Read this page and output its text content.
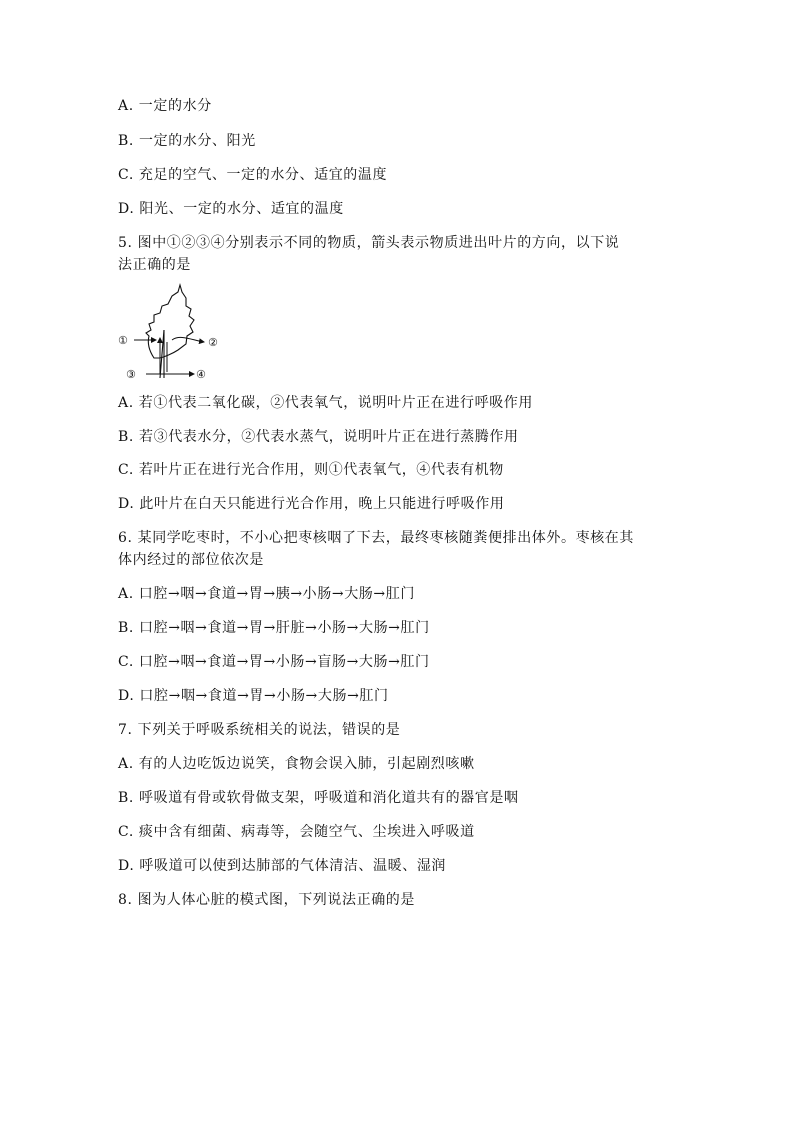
A. 一定的水分
B. 一定的水分、阳光
C. 充足的空气、一定的水分、适宜的温度
D. 阳光、一定的水分、适宜的温度
5. 图中①②③④分别表示不同的物质，箭头表示物质进出叶片的方向，以下说
法正确的是
①	②
③	④
A. 若①代表二氧化碳，②代表氧气，说明叶片正在进行呼吸作用
B. 若③代表水分，②代表水蒸气，说明叶片正在进行蒸腾作用
C. 若叶片正在进行光合作用，则①代表氧气，④代表有机物
D. 此叶片在白天只能进行光合作用，晚上只能进行呼吸作用
6. 某同学吃枣时，不小心把枣核咽了下去，最终枣核随粪便排出体外。枣核在其
体内经过的部位依次是
A. 口腔→咽→食道→胃→胰→小肠→大肠→肛门
B. 口腔→咽→食道→胃→肝脏→小肠→大肠→肛门
C. 口腔→咽→食道→胃→小肠→盲肠→大肠→肛门
D. 口腔→咽→食道→胃→小肠→大肠→肛门
7. 下列关于呼吸系统相关的说法，错误的是
A. 有的人边吃饭边说笑，食物会误入肺，引起剧烈咳嗽
B. 呼吸道有骨或软骨做支架，呼吸道和消化道共有的器官是咽
C. 痰中含有细菌、病毒等，会随空气、尘埃进入呼吸道
D. 呼吸道可以使到达肺部的气体清洁、温暖、湿润
8. 图为人体心脏的模式图，下列说法正确的是
